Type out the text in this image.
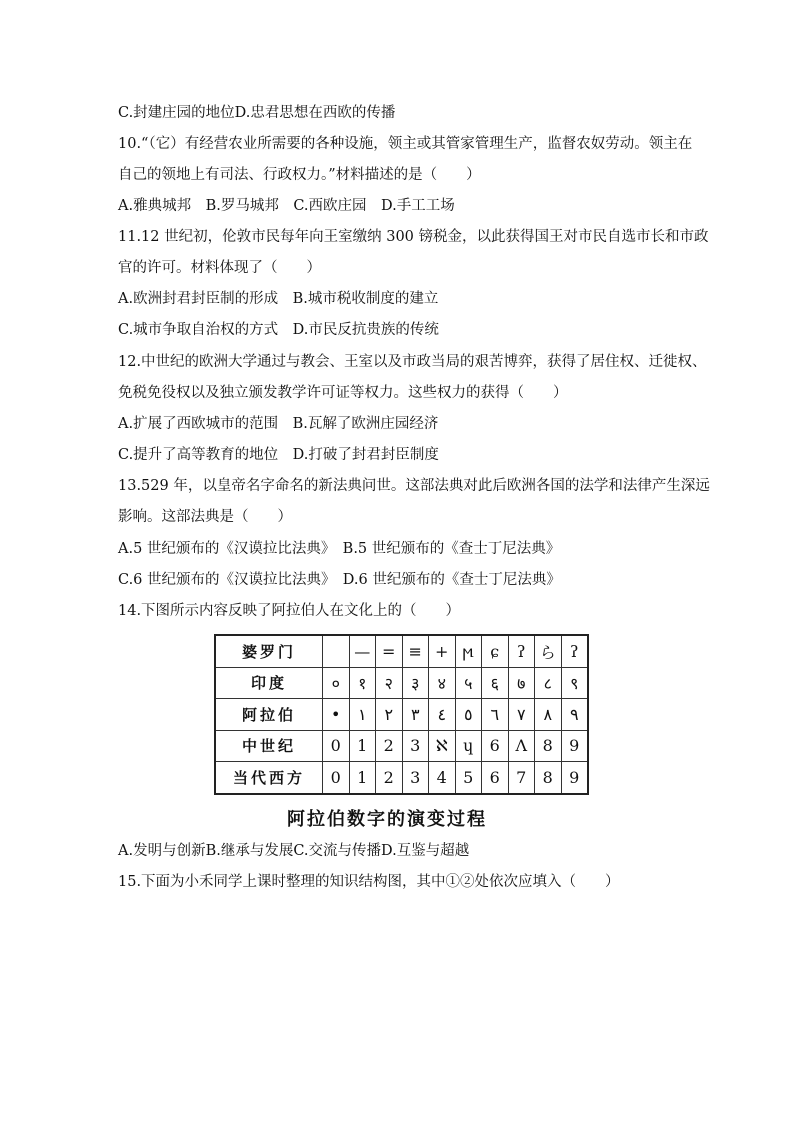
C.封建庄园的地位D.忠君思想在西欧的传播
10.“（它）有经营农业所需要的各种设施，领主或其管家管理生产，监督农奴劳动。领主在
自己的领地上有司法、行政权力。”材料描述的是（　　）
A.雅典城邦　B.罗马城邦　C.西欧庄园　D.手工工场
11.12 世纪初，伦敦市民每年向王室缴纳 300 镑税金，以此获得国王对市民自选市长和市政
官的许可。材料体现了（　　）
A.欧洲封君封臣制的形成　B.城市税收制度的建立
C.城市争取自治权的方式　D.市民反抗贵族的传统
12.中世纪的欧洲大学通过与教会、王室以及市政当局的艰苦博弈，获得了居住权、迁徙权、
免税免役权以及独立颁发教学许可证等权力。这些权力的获得（　　）
A.扩展了西欧城市的范围　B.瓦解了欧洲庄园经济
C.提升了高等教育的地位　D.打破了封君封臣制度
13.529 年，以皇帝名字命名的新法典问世。这部法典对此后欧洲各国的法学和法律产生深远
影响。这部法典是（　　）
A.5 世纪颁布的《汉谟拉比法典》　B.5 世纪颁布的《查士丁尼法典》
C.6 世纪颁布的《汉谟拉比法典》　D.6 世纪颁布的《查士丁尼法典》
14.下图所示内容反映了阿拉伯人在文化上的（　　）
婆罗门		—	=	≡	+	ϻ	ɕ	ʔ	ら	ʔ
印度	०	१	२	३	४	५	६	७	८	९
阿拉伯	•	١	٢	٣	٤	٥	٦	٧	٨	٩
中世纪	0	1	2	3	ℵ	ɥ	6	Λ	8	9
当代西方	0	1	2	3	4	5	6	7	8	9
阿拉伯数字的演变过程
A.发明与创新B.继承与发展C.交流与传播D.互鉴与超越
15.下面为小禾同学上课时整理的知识结构图，其中①②处依次应填入（　　）
